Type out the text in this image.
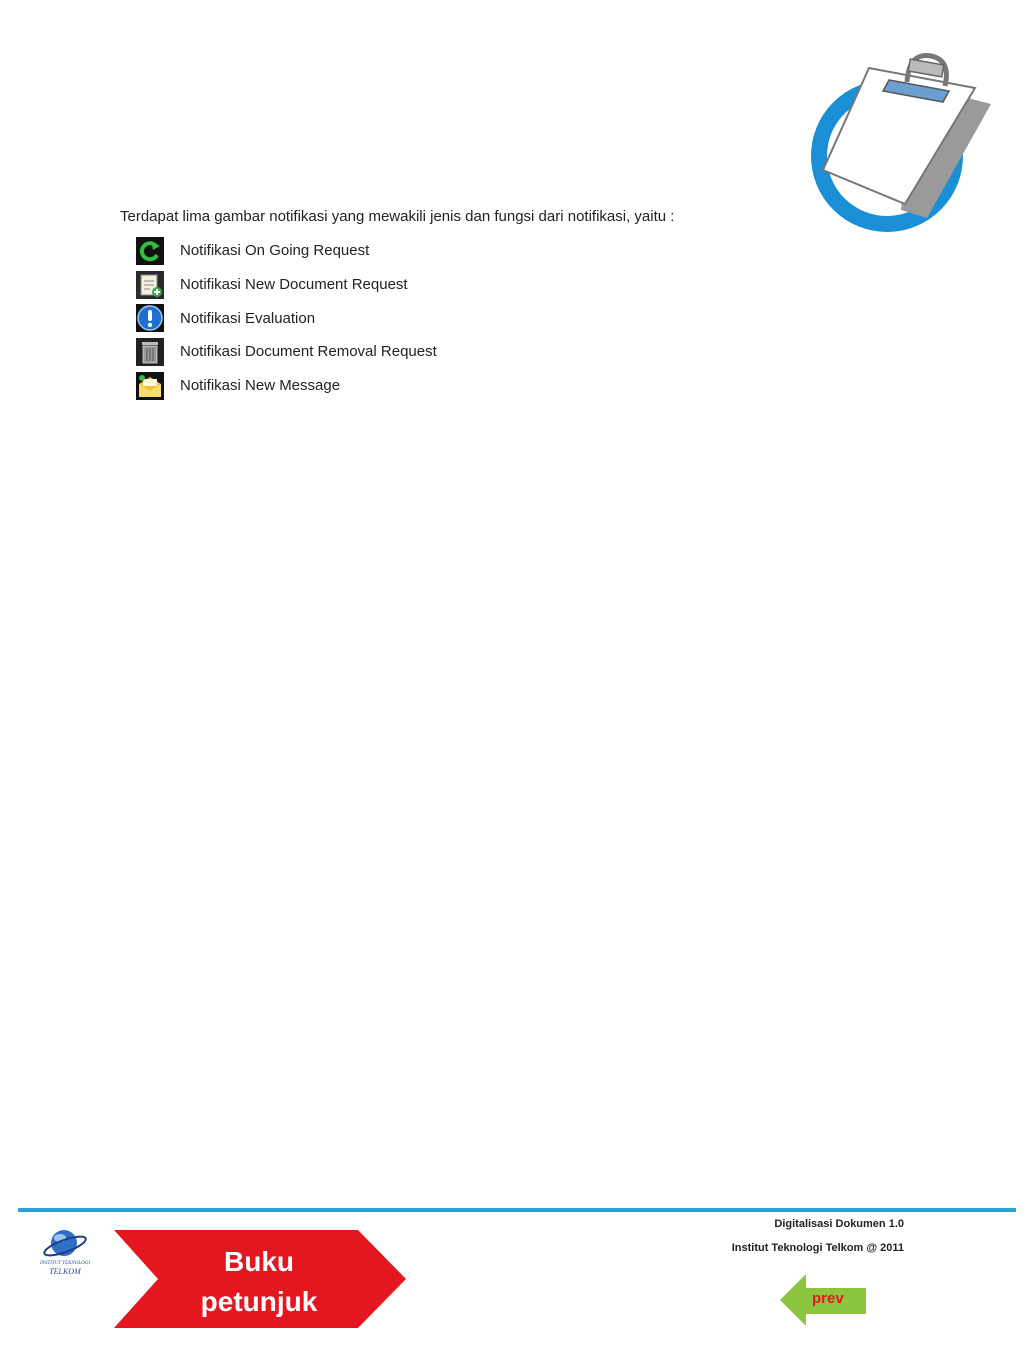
Terdapat lima gambar notifikasi yang mewakili jenis dan fungsi dari notifikasi, yaitu :
Notifikasi On Going Request
Notifikasi New Document Request
Notifikasi Evaluation
Notifikasi Document Removal Request
Notifikasi New Message
INSTITUT TEKNOLOGI
TELKOM	Buku
petunjuk
Digitalisasi Dokumen 1.0
Institut Teknologi Telkom @ 2011
prev
